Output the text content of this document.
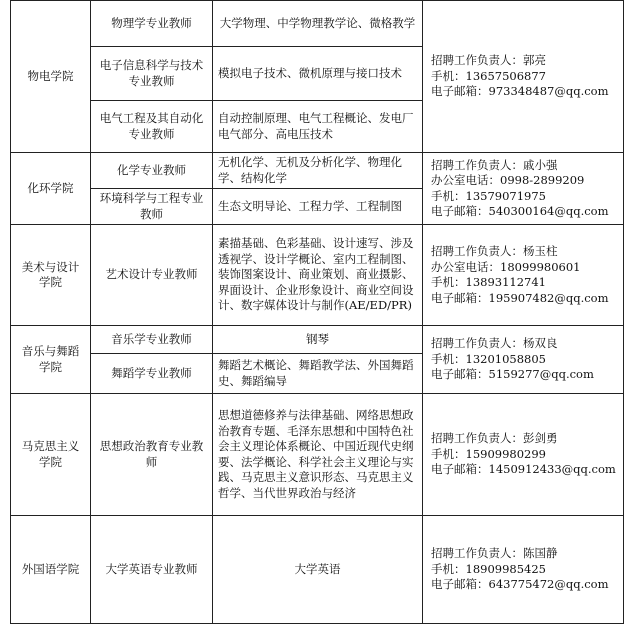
物电学院	物理学专业教师	大学物理、中学物理教学论、微格教学	招聘工作负责人：郭亮
手机：13657506877
电子邮箱：973348487@qq.com

	电子信息科学与技术专业教师	模拟电子技术、微机原理与接口技术	
	电气工程及其自动化专业教师	自动控制原理、电气工程概论、发电厂电气部分、高电压技术	
化环学院	化学专业教师	无机化学、无机及分析化学、物理化学、结构化学	招聘工作负责人：戚小强
办公室电话：0998-2899209
手机：13579071975
电子邮箱：540300164@qq.com

	环境科学与工程专业教师	生态文明导论、工程力学、工程制图	
美术与设计学院	艺术设计专业教师	素描基础、色彩基础、设计速写、涉及透视学、设计学概论、室内工程制图、装饰图案设计、商业策划、商业摄影、界面设计、企业形象设计、商业空间设计、数字媒体设计与制作(AE/ED/PR)	招聘工作负责人：杨玉柱
办公室电话：18099980601
手机：13893112741
电子邮箱：195907482@qq.com

音乐与舞蹈学院	音乐学专业教师	钢琴	招聘工作负责人：杨双良
手机：13201058805
电子邮箱：5159277@qq.com

	舞蹈学专业教师	舞蹈艺术概论、舞蹈教学法、外国舞蹈史、舞蹈编导	
马克思主义学院	思想政治教育专业教师	思想道德修养与法律基础、网络思想政治教育专题、毛泽东思想和中国特色社会主义理论体系概论、中国近现代史纲要、法学概论、科学社会主义理论与实践、马克思主义意识形态、马克思主义哲学、当代世界政治与经济	招聘工作负责人：彭剑勇
手机：15909980299
电子邮箱：1450912433@qq.com

外国语学院	大学英语专业教师	大学英语	招聘工作负责人：陈国静
手机：18909985425
电子邮箱：643775472@qq.com
